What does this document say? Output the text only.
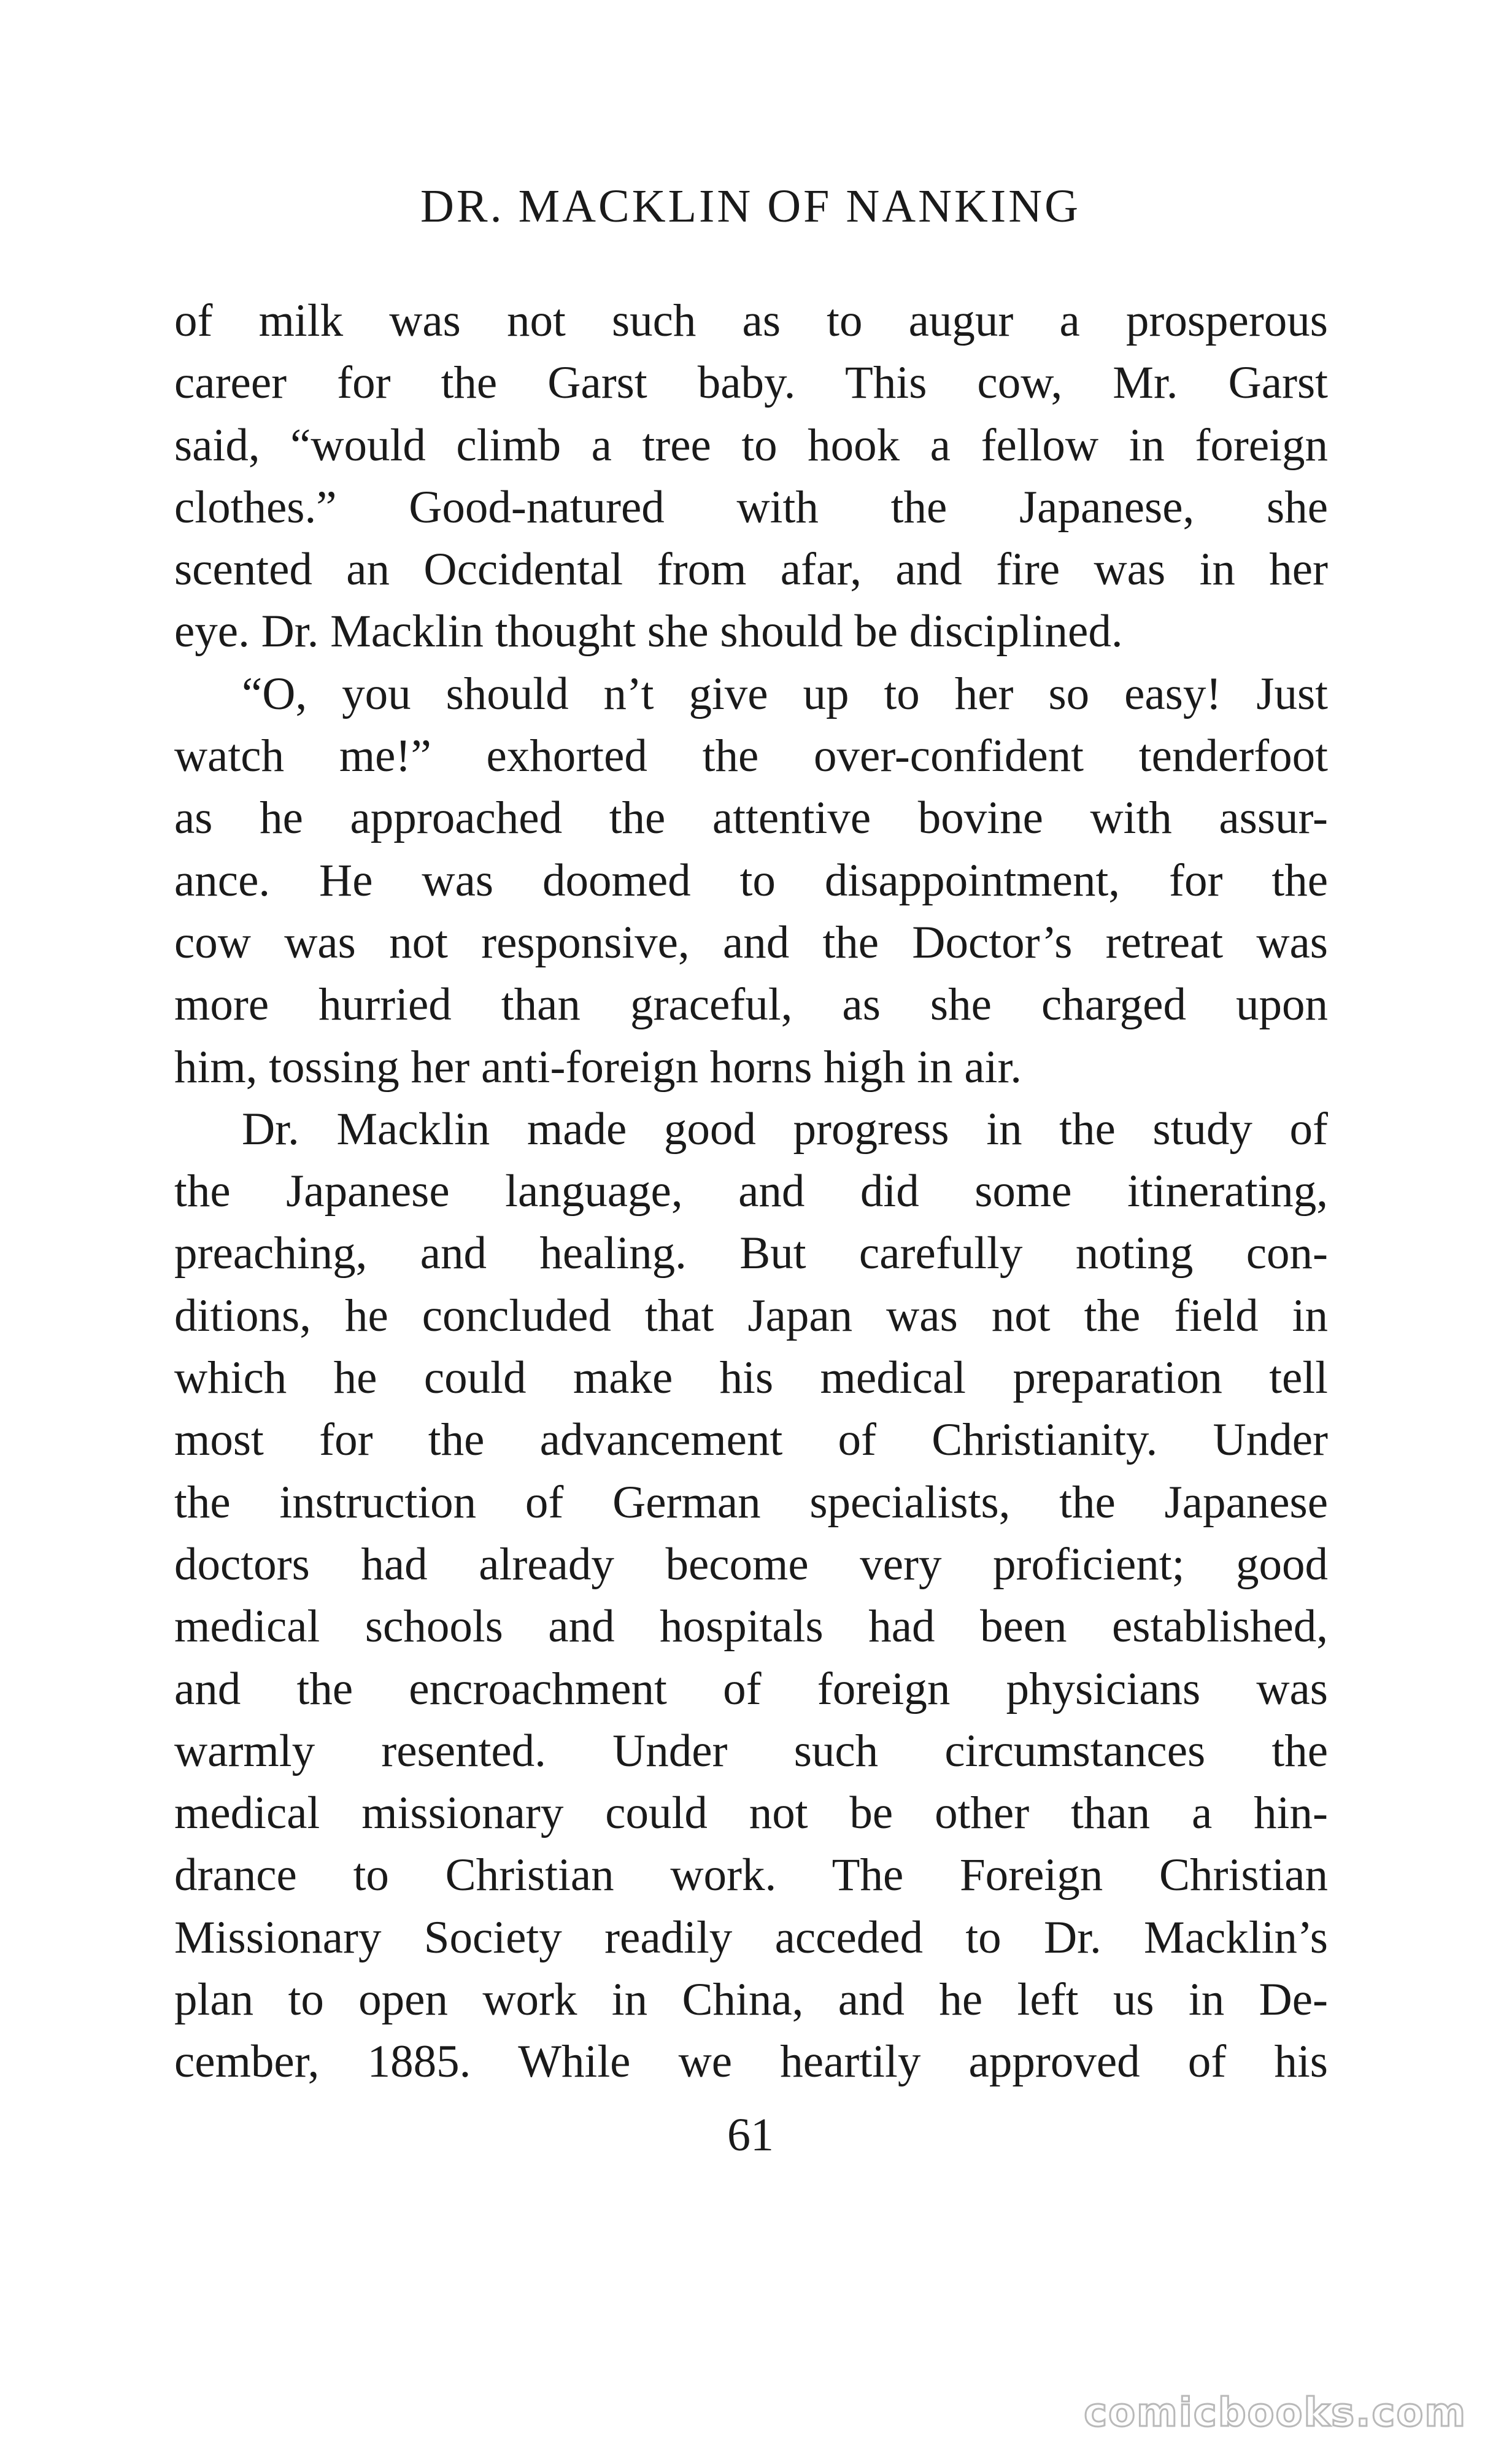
DR. MACKLIN OF NANKING
of milk was not such as to augur a prosperous
career for the Garst baby. This cow, Mr. Garst
said, “would climb a tree to hook a fellow in foreign
clothes.” Good-natured with the Japanese, she
scented an Occidental from afar, and fire was in her
eye. Dr. Macklin thought she should be disciplined.
“O, you should n’t give up to her so easy! Just
watch me!” exhorted the over-confident tenderfoot
as he approached the attentive bovine with assur-
ance. He was doomed to disappointment, for the
cow was not responsive, and the Doctor’s retreat was
more hurried than graceful, as she charged upon
him, tossing her anti-foreign horns high in air.
Dr. Macklin made good progress in the study of
the Japanese language, and did some itinerating,
preaching, and healing. But carefully noting con-
ditions, he concluded that Japan was not the field in
which he could make his medical preparation tell
most for the advancement of Christianity. Under
the instruction of German specialists, the Japanese
doctors had already become very proficient; good
medical schools and hospitals had been established,
and the encroachment of foreign physicians was
warmly resented. Under such circumstances the
medical missionary could not be other than a hin-
drance to Christian work. The Foreign Christian
Missionary Society readily acceded to Dr. Macklin’s
plan to open work in China, and he left us in De-
cember, 1885. While we heartily approved of his
61
comicbooks.com
